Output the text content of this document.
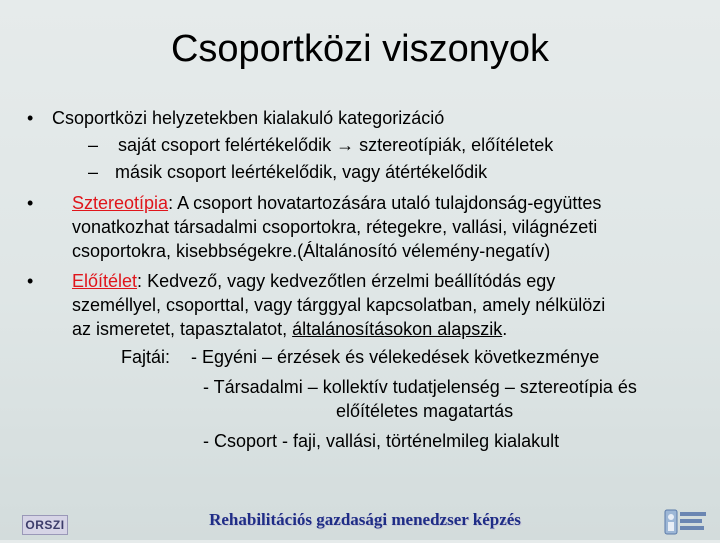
Csoportközi viszonyok
• Csoportközi helyzetekben kialakuló kategorizáció
– saját csoport felértékelődik → sztereotípiák, előítéletek
– másik csoport leértékelődik, vagy átértékelődik
• Sztereotípia: A csoport hovatartozására utaló tulajdonság-együttes
vonatkozhat társadalmi csoportokra, rétegekre, vallási, világnézeti
csoportokra, kisebbségekre.(Általánosító vélemény-negatív)
• Előítélet: Kedvező, vagy kedvezőtlen érzelmi beállítódás egy
személlyel, csoporttal, vagy tárggyal kapcsolatban, amely nélkülözi
az ismeretet, tapasztalatot, általánosításokon alapszik.
Fajtái: - Egyéni – érzések és vélekedések következménye
- Társadalmi – kollektív tudatjelenség – sztereotípia és
előítéletes magatartás
- Csoport - faji, vallási, történelmileg kialakult
ORSZI	Rehabilitációs gazdasági menedzser képzés
